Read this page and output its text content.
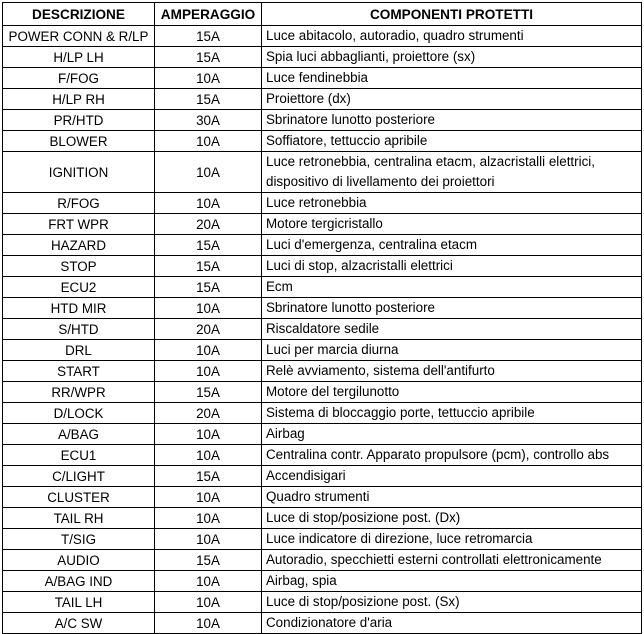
DESCRIZIONE	AMPERAGGIO	COMPONENTI PROTETTI
POWER CONN & R/LP	15A	Luce abitacolo, autoradio, quadro strumenti

H/LP LH	15A	Spia luci abbaglianti, proiettore (sx)

F/FOG	10A	Luce fendinebbia

H/LP RH	15A	Proiettore (dx)

PR/HTD	30A	Sbrinatore lunotto posteriore

BLOWER	10A	Soffiatore, tettuccio apribile

IGNITION	10A	Luce retronebbia, centralina etacm, alzacristalli elettrici,
dispositivo di livellamento dei proiettori

R/FOG	10A	Luce retronebbia

FRT WPR	20A	Motore tergicristallo

HAZARD	15A	Luci d'emergenza, centralina etacm

STOP	15A	Luci di stop, alzacristalli elettrici

ECU2	15A	Ecm

HTD MIR	10A	Sbrinatore lunotto posteriore

S/HTD	20A	Riscaldatore sedile

DRL	10A	Luci per marcia diurna

START	10A	Relè avviamento, sistema dell'antifurto

RR/WPR	15A	Motore del tergilunotto

D/LOCK	20A	Sistema di bloccaggio porte, tettuccio apribile

A/BAG	10A	Airbag

ECU1	10A	Centralina contr. Apparato propulsore (pcm), controllo abs

C/LIGHT	15A	Accendisigari

CLUSTER	10A	Quadro strumenti

TAIL RH	10A	Luce di stop/posizione post. (Dx)

T/SIG	10A	Luce indicatore di direzione, luce retromarcia

AUDIO	15A	Autoradio, specchietti esterni controllati elettronicamente

A/BAG IND	10A	Airbag, spia

TAIL LH	10A	Luce di stop/posizione post. (Sx)

A/C SW	10A	Condizionatore d'aria
